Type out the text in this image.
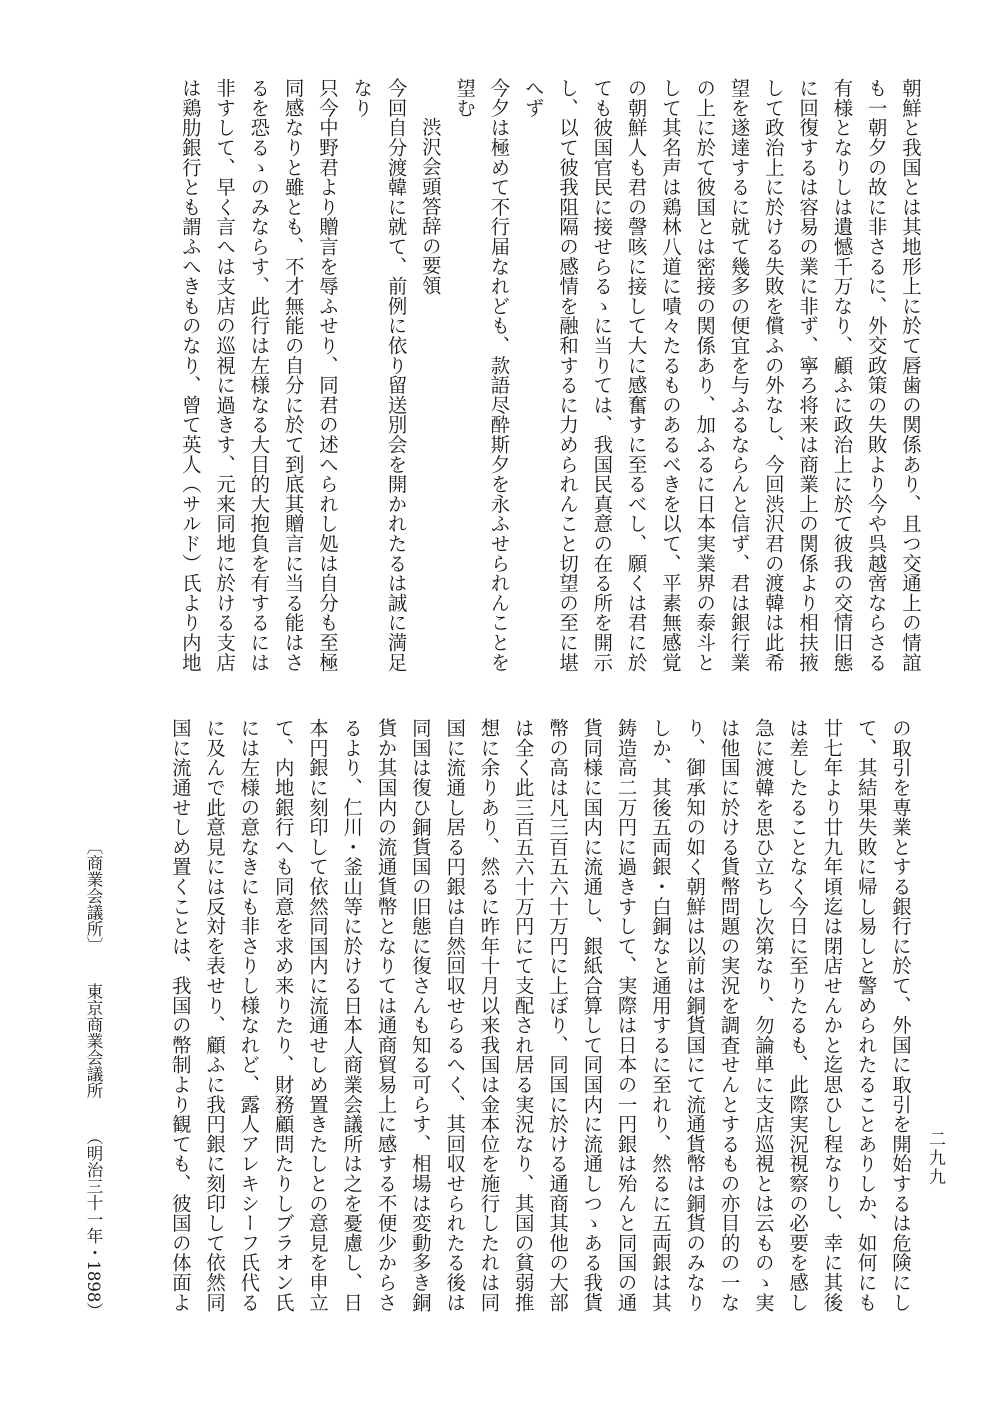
朝鮮と我国とは其地形上に於て唇歯の関係あり、且つ交通上の情誼
も一朝夕の故に非さるに、外交政策の失敗より今や呉越啻ならさる
有様となりしは遺憾千万なり、顧ふに政治上に於て彼我の交情旧態
に回復するは容易の業に非ず、寧ろ将来は商業上の関係より相扶掖
して政治上に於ける失敗を償ふの外なし、今回渋沢君の渡韓は此希
望を遂達するに就て幾多の便宜を与ふるならんと信ず、君は銀行業
の上に於て彼国とは密接の関係あり、加ふるに日本実業界の泰斗と
して其名声は鶏林八道に嘖々たるものあるべきを以て、平素無感覚
の朝鮮人も君の謦咳に接して大に感奮すに至るべし、願くは君に於
ても彼国官民に接せらるゝに当りては、我国民真意の在る所を開示
し、以て彼我阻隔の感情を融和するに力められんこと切望の至に堪
へず
今夕は極めて不行届なれども、款語尽酔斯夕を永ふせられんことを
望む
渋沢会頭答辞の要領
今回自分渡韓に就て、前例に依り留送別会を開かれたるは誠に満足
なり
只今中野君より贈言を辱ふせり、同君の述へられし処は自分も至極
同感なりと雖とも、不才無能の自分に於て到底其贈言に当る能はさ
るを恐るゝのみならす、此行は左様なる大目的大抱負を有するには
非すして、早く言へは支店の巡視に過きす、元来同地に於ける支店
は鶏肋銀行とも謂ふへきものなり、曾て英人（サルド）氏より内地
の取引を専業とする銀行に於て、外国に取引を開始するは危険にし
て、其結果失敗に帰し易しと警められたることありしか、如何にも
廿七年より廿九年頃迄は閉店せんかと迄思ひし程なりし、幸に其後
は差したることなく今日に至りたるも、此際実況視察の必要を感し
急に渡韓を思ひ立ちし次第なり、勿論単に支店巡視とは云ものゝ実
は他国に於ける貨幣問題の実況を調査せんとするもの亦目的の一な
り、御承知の如く朝鮮は以前は銅貨国にて流通貨幣は銅貨のみなり
しか、其後五両銀・白銅なと通用するに至れり、然るに五両銀は其
鋳造高二万円に過きすして、実際は日本の一円銀は殆んと同国の通
貨同様に国内に流通し、銀紙合算して同国内に流通しつゝある我貨
幣の高は凡三百五六十万円に上ぼり、同国に於ける通商其他の大部
は全く此三百五六十万円にて支配され居る実況なり、其国の貧弱推
想に余りあり、然るに昨年十月以来我国は金本位を施行したれは同
国に流通し居る円銀は自然回収せらるへく、其回収せられたる後は
同国は復ひ銅貨国の旧態に復さんも知る可らす、相場は変動多き銅
貨か其国内の流通貨幣となりては通商貿易上に感する不便少からさ
るより、仁川・釜山等に於ける日本人商業会議所は之を憂慮し、日
本円銀に刻印して依然同国内に流通せしめ置きたしとの意見を申立
て、内地銀行へも同意を求め来りたり、財務顧問たりしブラオン氏
には左様の意なきにも非さりし様なれど、露人アレキシーフ氏代る
に及んで此意見には反対を表せり、顧ふに我円銀に刻印して依然同
国に流通せしめ置くことは、我国の幣制より観ても、彼国の体面よ
〔商業会議所〕東京商業会議所（明治三十一年・1898）	二九九
